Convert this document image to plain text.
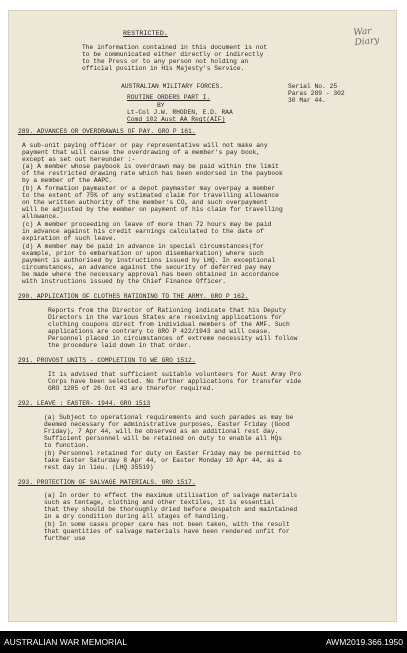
War Diary
RESTRICTED.
The information contained in this document is not
to be communicated either directly or indirectly
to the Press or to any person not holding an
official position in His Majesty's Service.
AUSTRALIAN MILITARY FORCES.
ROUTINE ORDERS PART I.
BY
Lt-Col J.W. RHODEN, E.D. RAA
Comd 102 Aust AA Regt(AIF)
Serial No. 25
Paras 289 - 302
30 Mar 44.
289. ADVANCES OR OVERDRAWALS OF PAY. GRO P 161.
A sub-unit paying officer or pay representative will not make any
payment that will cause the overdrawing of a member's pay book,
except as set out hereunder :-
(a) A member whose paybook is overdrawn may be paid within the limit
of the restricted drawing rate which has been endorsed in the paybook
by a member of the AAPC.
(b) A formation paymaster or a depot paymaster may overpay a member
to the extent of 75% of any estimated claim for travelling allowance
on the written authority of the member's CO, and such overpayment
will be adjusted by the member on payment of his claim for travelling
allowance.
(c) A member proceeding on leave of more than 72 hours may be paid
in advance against his credit earnings calculated to the date of
expiration of such leave.
(d) A member may be paid in advance in special circumstances(for
example, prior to embarkation or upon disembarkation) where such
payment is authorised by instructions issued by LHQ. In exceptional
circumstances, an advance against the security of deferred pay may
be made where the necessary approval has been obtained in accordance
with instructions issued by the Chief Finance Officer.
290. APPLICATION OF CLOTHES RATIONING TO THE ARMY. GRO P 162.
Reports from the Director of Rationing indicate that his Deputy
Directors in the various States are receiving applications for
clothing coupons direct from individual members of the AMF. Such
applications are contrary to GRO P 422/1943 and will cease.
Personnel placed in circumstances of extreme necessity will follow
the procedure laid down in that order.
291. PROVOST UNITS - COMPLETION TO WE GRO 1512.
It is advised that sufficient suitable volunteers for Aust Army Pro
Corps have been selected. No further applications for transfer vide
GRO 1285 of 26 Oct 43 are therefor required.
292. LEAVE : EASTER- 1944. GRO 1513
(a) Subject to operational requirements and such parades as may be
deemed necessary for administrative purposes, Easter Friday (Good
Friday), 7 Apr 44, will be observed as an additional rest day.
Sufficient personnel will be retained on duty to enable all HQs
to function.
(b) Personnel retained for duty on Easter Friday may be permitted to
take Easter Saturday 8 Apr 44, or Easter Monday 10 Apr 44, as a
rest day in lieu. (LHQ 35519)
293. PROTECTION OF SALVAGE MATERIALS. GRO 1517.
(a) In order to effect the maximum utilisation of salvage materials
such as tentage, clothing and other textiles, it is essential
that they should be thoroughly dried before despatch and maintained
in a dry condition during all stages of handling.
(b) In some cases proper care has not been taken, with the result
that quantities of salvage materials have been rendered unfit for
further use
AUSTRALIAN WAR MEMORIAL	AWM2019.366.1950
